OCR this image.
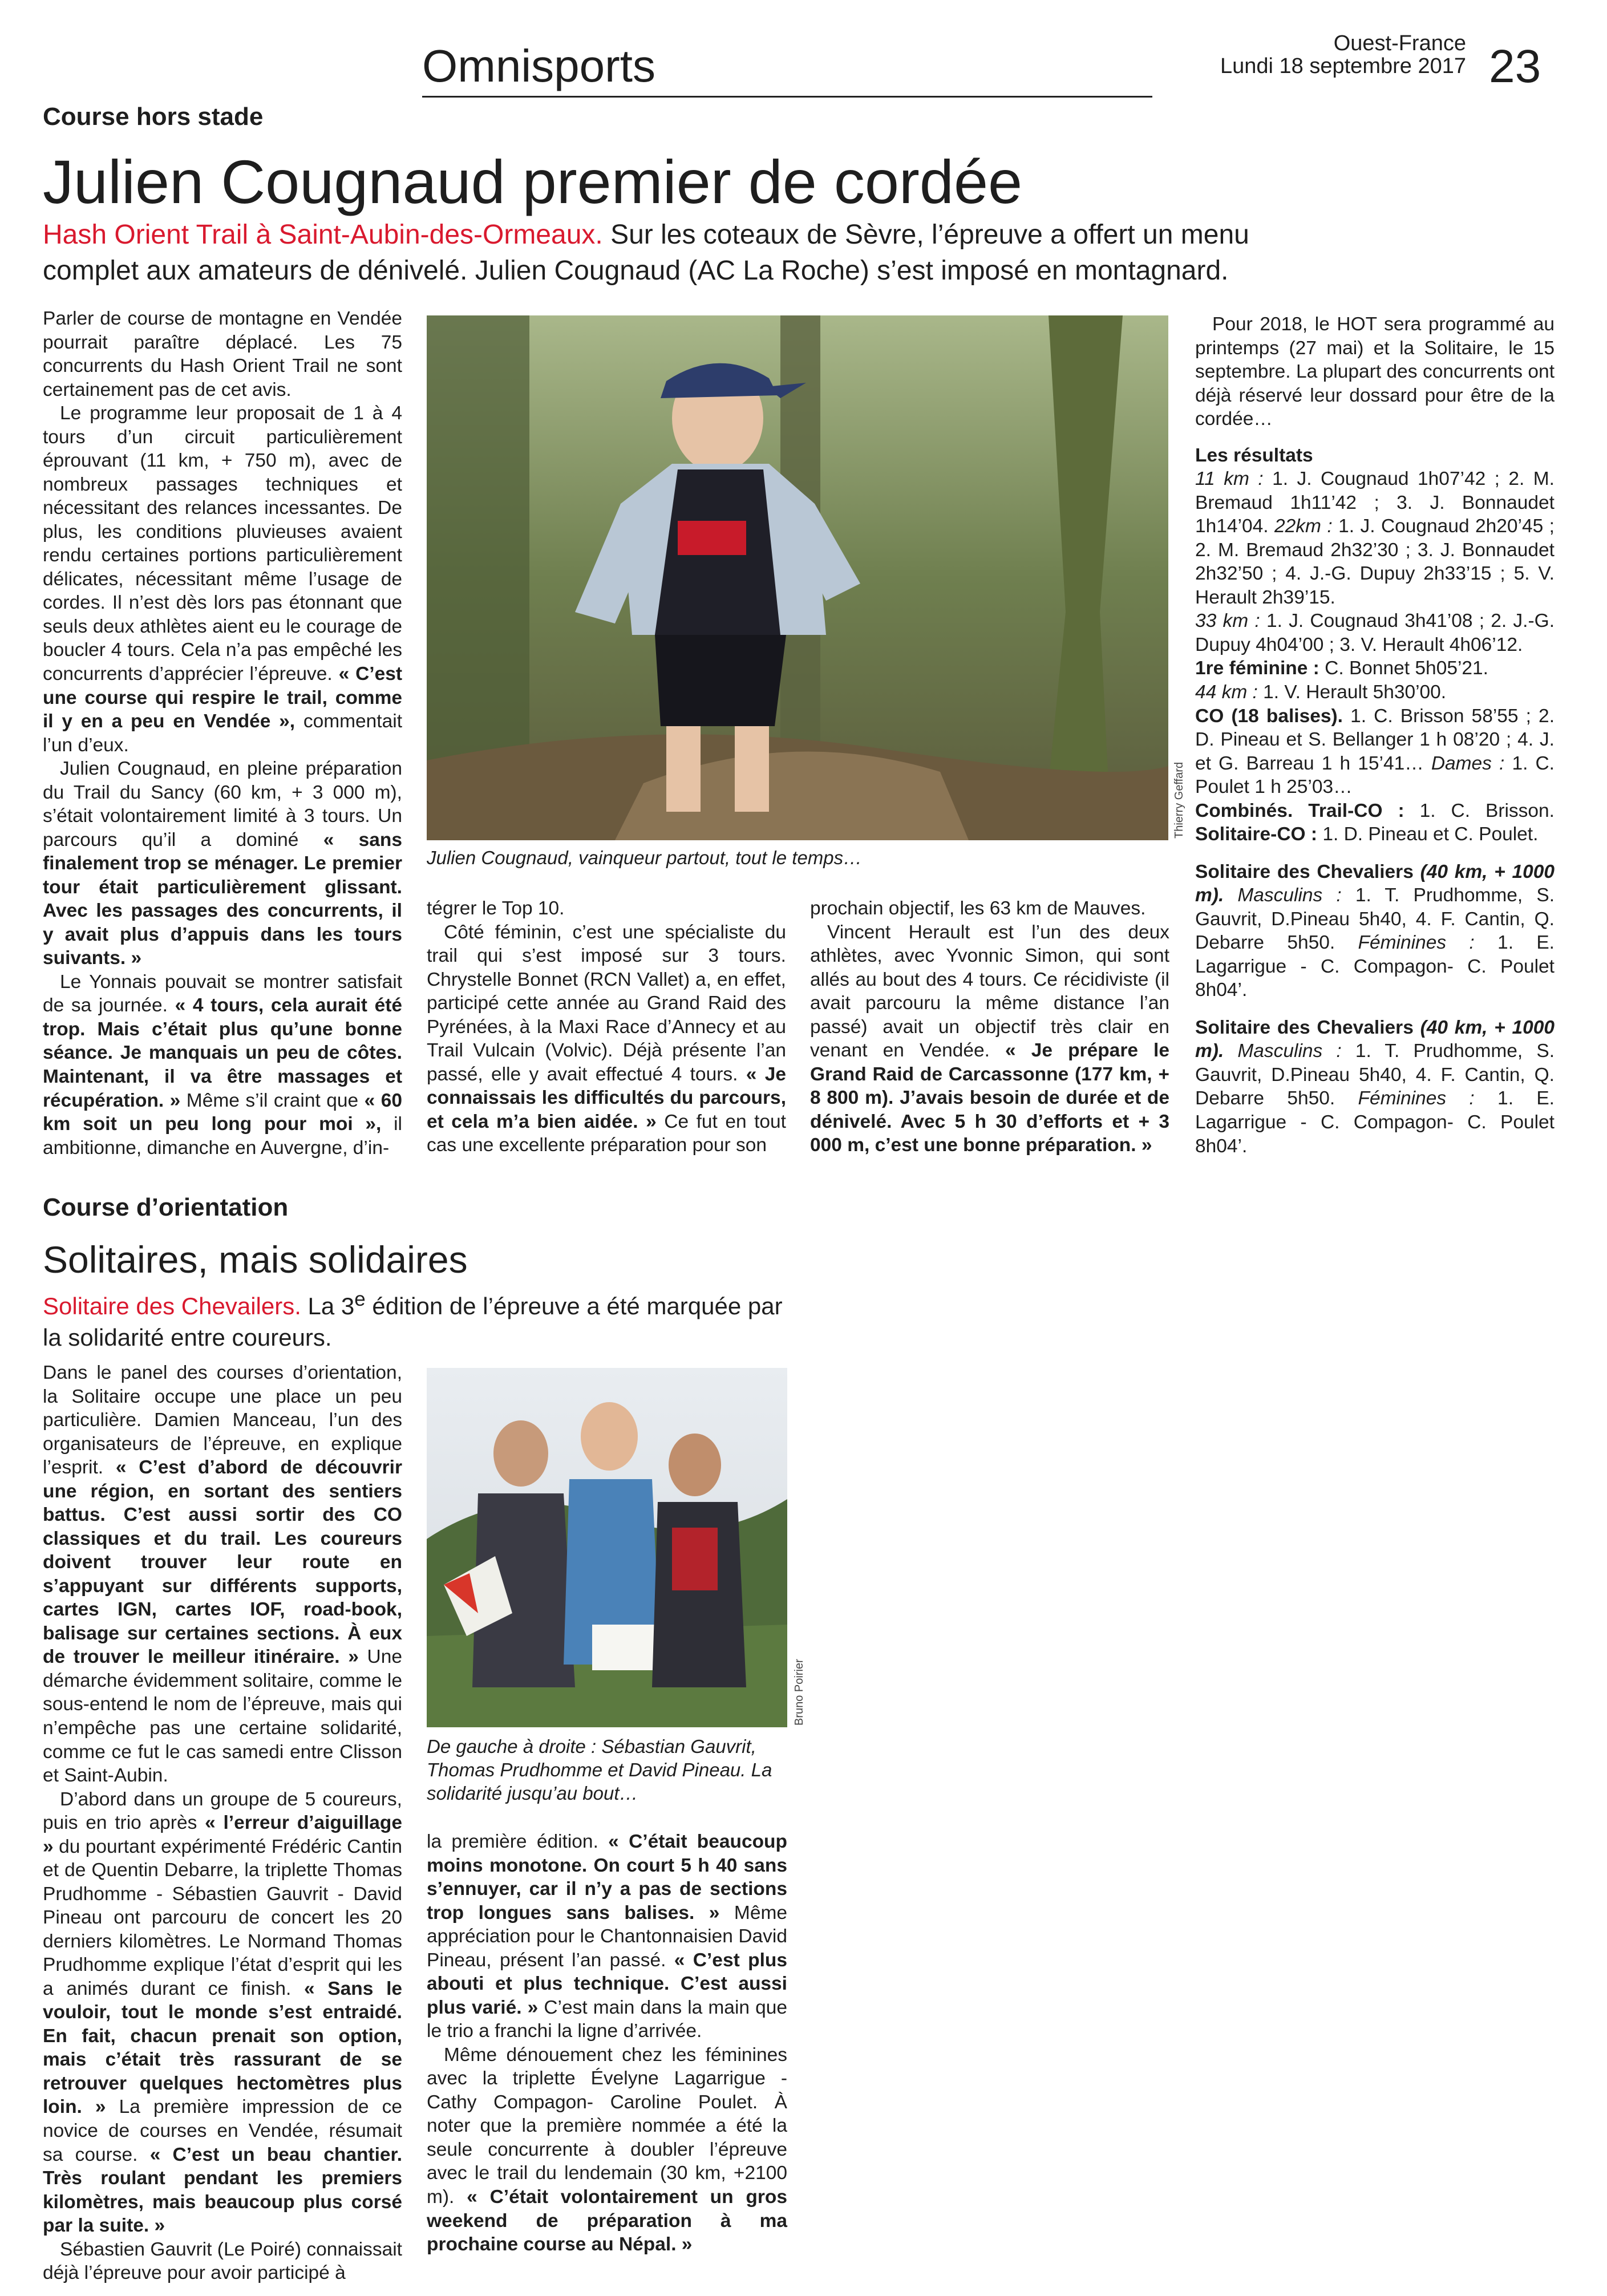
Omnisports	Ouest-France
Lundi 18 septembre 2017 23
Course hors stade
Julien Cougnaud premier de cordée
Hash Orient Trail à Saint-Aubin-des-Ormeaux. Sur les coteaux de Sèvre, l’épreuve a offert un menu complet aux amateurs de dénivelé. Julien Cougnaud (AC La Roche) s’est imposé en montagnard.

Parler de course de montagne en Vendée pourrait paraître déplacé. Les 75 concurrents du Hash Orient Trail ne sont certainement pas de cet avis.

Le programme leur proposait de 1 à 4 tours d’un circuit particulièrement éprouvant (11 km, + 750 m), avec de nombreux passages techniques et nécessitant des relances incessantes. De plus, les conditions pluvieuses avaient rendu certaines portions particulièrement délicates, nécessitant même l’usage de cordes. Il n’est dès lors pas étonnant que seuls deux athlètes aient eu le courage de boucler 4 tours. Cela n’a pas empêché les concurrents d’apprécier l’épreuve. « C’est une course qui respire le trail, comme il y en a peu en Vendée », commentait l’un d’eux.

Julien Cougnaud, en pleine préparation du Trail du Sancy (60 km, + 3 000 m), s’était volontairement limité à 3 tours. Un parcours qu’il a dominé « sans finalement trop se ménager. Le premier tour était particulièrement glissant. Avec les passages des concurrents, il y avait plus d’appuis dans les tours suivants. »

Le Yonnais pouvait se montrer satisfait de sa journée. « 4 tours, cela aurait été trop. Mais c’était plus qu’une bonne séance. Je manquais un peu de côtes. Maintenant, il va être massages et récupération. » Même s’il craint que « 60 km soit un peu long pour moi », il ambitionne, dimanche en Auvergne, d’in-

Thierry Geffard
Julien Cougnaud, vainqueur partout, tout le temps…

tégrer le Top 10.

Côté féminin, c’est une spécialiste du trail qui s’est imposé sur 3 tours. Chrystelle Bonnet (RCN Vallet) a, en effet, participé cette année au Grand Raid des Pyrénées, à la Maxi Race d’Annecy et au Trail Vulcain (Volvic). Déjà présente l’an passé, elle y avait effectué 4 tours. « Je connaissais les difficultés du parcours, et cela m’a bien aidée. » Ce fut en tout cas une excellente préparation pour son

prochain objectif, les 63 km de Mauves.

Vincent Herault est l’un des deux athlètes, avec Yvonnic Simon, qui sont allés au bout des 4 tours. Ce récidiviste (il avait parcouru la même distance l’an passé) avait un objectif très clair en venant en Vendée. « Je prépare le Grand Raid de Carcassonne (177 km, + 8 800 m). J’avais besoin de durée et de dénivelé. Avec 5 h 30 d’efforts et + 3 000 m, c’est une bonne préparation. »

Pour 2018, le HOT sera programmé au printemps (27 mai) et la Solitaire, le 15 septembre. La plupart des concurrents ont déjà réservé leur dossard pour être de la cordée…

Les résultats

11 km : 1. J. Cougnaud 1h07’42 ; 2. M. Bremaud 1h11’42 ; 3. J. Bonnaudet 1h14’04. 22km : 1. J. Cougnaud 2h20’45 ; 2. M. Bremaud 2h32’30 ; 3. J. Bonnaudet 2h32’50 ; 4. J.-G. Dupuy 2h33’15 ; 5. V. Herault 2h39’15.
33 km : 1. J. Cougnaud 3h41’08 ; 2. J.-G. Dupuy 4h04’00 ; 3. V. Herault 4h06’12.
1re féminine : C. Bonnet 5h05’21.
44 km : 1. V. Herault 5h30’00.
CO (18 balises). 1. C. Brisson 58’55 ; 2. D. Pineau et S. Bellanger 1 h 08’20 ; 4. J. et G. Barreau 1 h 15’41… Dames : 1. C. Poulet 1 h 25’03…
Combinés. Trail-CO : 1. C. Brisson. Solitaire-CO : 1. D. Pineau et C. Poulet.

Solitaire des Chevaliers (40 km, + 1000 m). Masculins : 1. T. Prudhomme, S. Gauvrit, D.Pineau 5h40, 4. F. Cantin, Q. Debarre 5h50. Féminines : 1. E. Lagarrigue - C. Compagon- C. Poulet 8h04’.

Solitaire des Chevaliers (40 km, + 1000 m). Masculins : 1. T. Prudhomme, S. Gauvrit, D.Pineau 5h40, 4. F. Cantin, Q. Debarre 5h50. Féminines : 1. E. Lagarrigue - C. Compagon- C. Poulet 8h04’.

Course d’orientation
Solitaires, mais solidaires
Solitaire des Chevailers. La 3e édition de l’épreuve a été marquée par la solidarité entre coureurs.

Dans le panel des courses d’orientation, la Solitaire occupe une place un peu particulière. Damien Manceau, l’un des organisateurs de l’épreuve, en explique l’esprit. « C’est d’abord de découvrir une région, en sortant des sentiers battus. C’est aussi sortir des CO classiques et du trail. Les coureurs doivent trouver leur route en s’appuyant sur différents supports, cartes IGN, cartes IOF, road-book, balisage sur certaines sections. À eux de trouver le meilleur itinéraire. » Une démarche évidemment solitaire, comme le sous-entend le nom de l’épreuve, mais qui n’empêche pas une certaine solidarité, comme ce fut le cas samedi entre Clisson et Saint-Aubin.

D’abord dans un groupe de 5 coureurs, puis en trio après « l’erreur d’aiguillage » du pourtant expérimenté Frédéric Cantin et de Quentin Debarre, la triplette Thomas Prudhomme - Sébastien Gauvrit - David Pineau ont parcouru de concert les 20 derniers kilomètres. Le Normand Thomas Prudhomme explique l’état d’esprit qui les a animés durant ce finish. « Sans le vouloir, tout le monde s’est entraidé. En fait, chacun prenait son option, mais c’était très rassurant de se retrouver quelques hectomètres plus loin. » La première impression de ce novice de courses en Vendée, résumait sa course. « C’est un beau chantier. Très roulant pendant les premiers kilomètres, mais beaucoup plus corsé par la suite. »

Sébastien Gauvrit (Le Poiré) connaissait déjà l’épreuve pour avoir participé à

Bruno Poirier
De gauche à droite : Sébastian Gauvrit, Thomas Prudhomme et David Pineau. La solidarité jusqu’au bout…

la première édition. « C’était beaucoup moins monotone. On court 5 h 40 sans s’ennuyer, car il n’y a pas de sections trop longues sans balises. » Même appréciation pour le Chantonnaisien David Pineau, présent l’an passé. « C’est plus abouti et plus technique. C’est aussi plus varié. » C’est main dans la main que le trio a franchi la ligne d’arrivée.

Même dénouement chez les féminines avec la triplette Évelyne Lagarrigue - Cathy Compagon- Caroline Poulet. À noter que la première nommée a été la seule concurrente à doubler l’épreuve avec le trail du lendemain (30 km, +2100 m). « C’était volontairement un gros weekend de préparation à ma prochaine course au Népal. »
